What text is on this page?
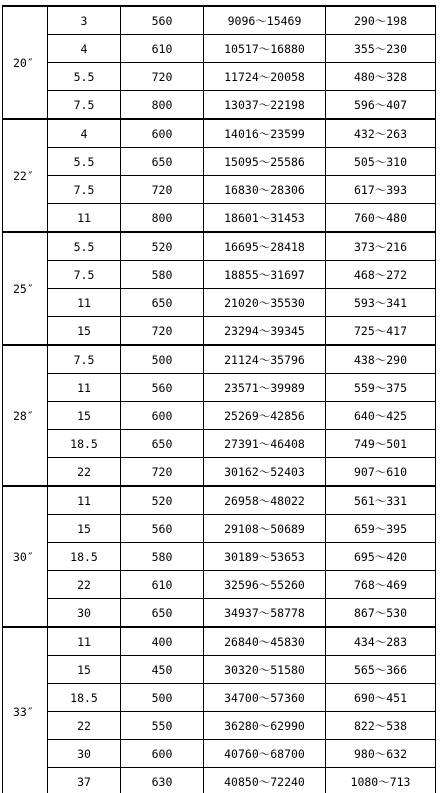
20″	3	560	9096～15469	290～198
	4	610	10517～16880	355～230
	5.5	720	11724～20058	480～328
	7.5	800	13037～22198	596～407
22″	4	600	14016～23599	432～263
	5.5	650	15095～25586	505～310
	7.5	720	16830～28306	617～393
	11	800	18601～31453	760～480
25″	5.5	520	16695～28418	373～216
	7.5	580	18855～31697	468～272
	11	650	21020～35530	593～341
	15	720	23294～39345	725～417
28″	7.5	500	21124～35796	438～290
	11	560	23571～39989	559～375
	15	600	25269～42856	640～425
	18.5	650	27391～46408	749～501
	22	720	30162～52403	907～610
30″	11	520	26958～48022	561～331
	15	560	29108～50689	659～395
	18.5	580	30189～53653	695～420
	22	610	32596～55260	768～469
	30	650	34937～58778	867～530
33″	11	400	26840～45830	434～283
	15	450	30320～51580	565～366
	18.5	500	34700～57360	690～451
	22	550	36280～62990	822～538
	30	600	40760～68700	980～632
	37	630	40850～72240	1080～713
